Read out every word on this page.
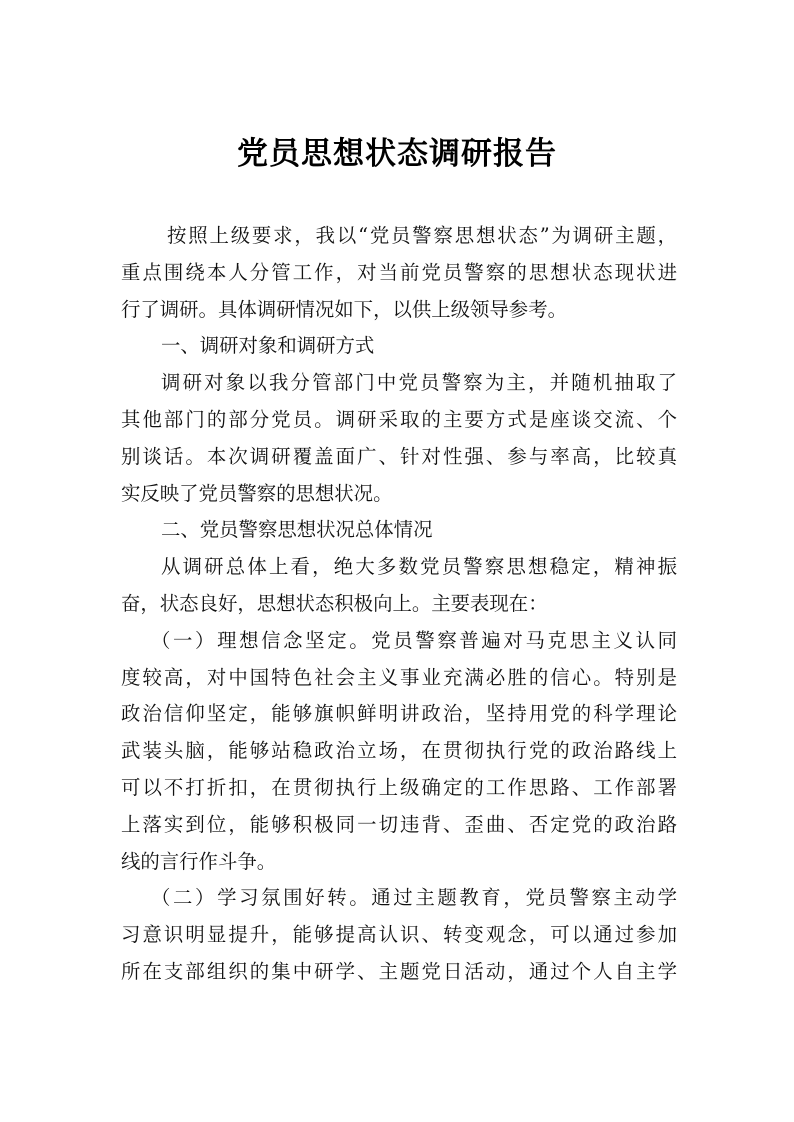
党员思想状态调研报告
按照上级要求，我以“党员警察思想状态”为调研主题，
重点围绕本人分管工作，对当前党员警察的思想状态现状进
行了调研。具体调研情况如下，以供上级领导参考。
一、调研对象和调研方式
调研对象以我分管部门中党员警察为主，并随机抽取了
其他部门的部分党员。调研采取的主要方式是座谈交流、个
别谈话。本次调研覆盖面广、针对性强、参与率高，比较真
实反映了党员警察的思想状况。
二、党员警察思想状况总体情况
从调研总体上看，绝大多数党员警察思想稳定，精神振
奋，状态良好，思想状态积极向上。主要表现在：
（一）理想信念坚定。党员警察普遍对马克思主义认同
度较高，对中国特色社会主义事业充满必胜的信心。特别是
政治信仰坚定，能够旗帜鲜明讲政治，坚持用党的科学理论
武装头脑，能够站稳政治立场，在贯彻执行党的政治路线上
可以不打折扣，在贯彻执行上级确定的工作思路、工作部署
上落实到位，能够积极同一切违背、歪曲、否定党的政治路
线的言行作斗争。
（二）学习氛围好转。通过主题教育，党员警察主动学
习意识明显提升，能够提高认识、转变观念，可以通过参加
所在支部组织的集中研学、主题党日活动，通过个人自主学
